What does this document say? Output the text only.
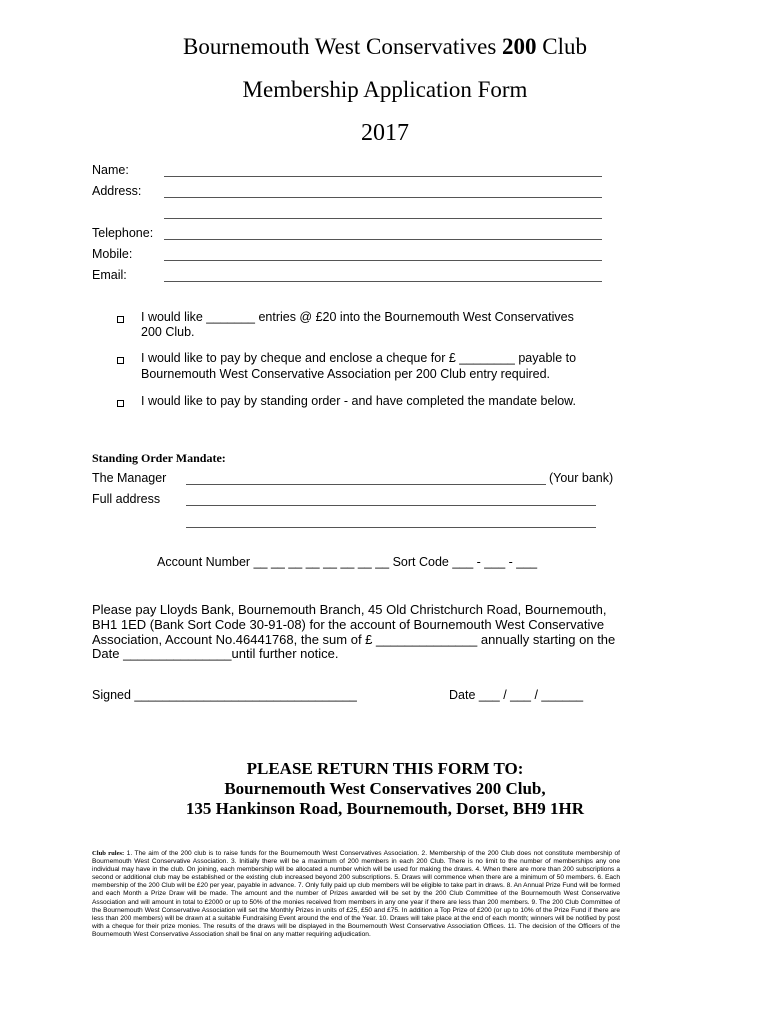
Bournemouth West Conservatives 200 Club
Membership Application Form
2017
Name:
Address:
Telephone:
Mobile:
Email:
I would like _______ entries @ £20 into the Bournemouth West Conservatives
200 Club.
I would like to pay by cheque and enclose a cheque for £ ________ payable to
Bournemouth West Conservative Association per 200 Club entry required.
I would like to pay by standing order - and have completed the mandate below.
Standing Order Mandate:
The Manager	(Your bank)
Full address
Account Number __ __ __ __ __ __ __ __ Sort Code ___ - ___ - ___
Please pay Lloyds Bank, Bournemouth Branch, 45 Old Christchurch Road, Bournemouth,
BH1 1ED (Bank Sort Code 30-91-08) for the account of Bournemouth West Conservative
Association, Account No.46441768, the sum of £ ______________ annually starting on the
Date _______________until further notice.
Signed ________________________________	Date ___ / ___ / ______
PLEASE RETURN THIS FORM TO:
Bournemouth West Conservatives 200 Club,
135 Hankinson Road, Bournemouth, Dorset, BH9 1HR
Club rules: 1. The aim of the 200 club is to raise funds for the Bournemouth West Conservatives Association. 2. Membership of the 200 Club does not constitute membership of Bournemouth West Conservative Association. 3. Initially there will be a maximum of 200 members in each 200 Club. There is no limit to the number of memberships any one individual may have in the club. On joining, each membership will be allocated a number which will be used for making the draws. 4. When there are more than 200 subscriptions a second or additional club may be established or the existing club increased beyond 200 subscriptions. 5. Draws will commence when there are a minimum of 50 members. 6. Each membership of the 200 Club will be £20 per year, payable in advance. 7. Only fully paid up club members will be eligible to take part in draws. 8. An Annual Prize Fund will be formed and each Month a Prize Draw will be made. The amount and the number of Prizes awarded will be set by the 200 Club Committee of the Bournemouth West Conservative Association and will amount in total to £2000 or up to 50% of the monies received from members in any one year if there are less than 200 members. 9. The 200 Club Committee of the Bournemouth West Conservative Association will set the Monthly Prizes in units of £25, £50 and £75. In addition a Top Prize of £200 (or up to 10% of the Prize Fund if there are less than 200 members) will be drawn at a suitable Fundraising Event around the end of the Year. 10. Draws will take place at the end of each month; winners will be notified by post with a cheque for their prize monies. The results of the draws will be displayed in the Bournemouth West Conservative Association Offices. 11. The decision of the Officers of the Bournemouth West Conservative Association shall be final on any matter requiring adjudication.
